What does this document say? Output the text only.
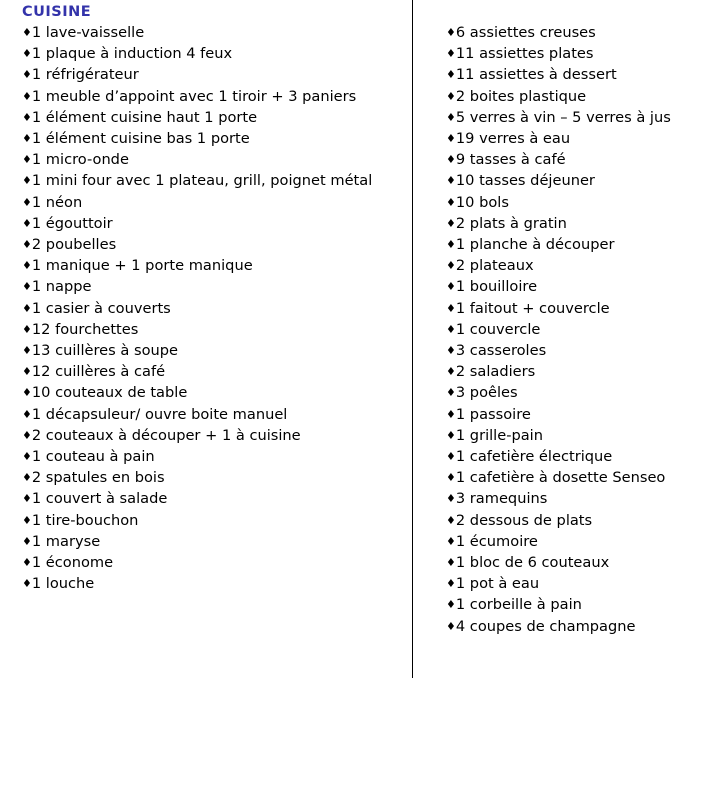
CUISINE
♦1 lave-vaisselle
♦1 plaque à induction 4 feux
♦1 réfrigérateur
♦1 meuble d’appoint avec 1 tiroir + 3 paniers
♦1 élément cuisine haut 1 porte
♦1 élément cuisine bas 1 porte
♦1 micro-onde
♦1 mini four avec 1 plateau, grill, poignet métal
♦1 néon
♦1 égouttoir
♦2 poubelles
♦1 manique + 1 porte manique
♦1 nappe
♦1 casier à couverts
♦12 fourchettes
♦13 cuillères à soupe
♦12 cuillères à café
♦10 couteaux de table
♦1 décapsuleur/ ouvre boite manuel
♦2 couteaux à découper + 1 à cuisine
♦1 couteau à pain
♦2 spatules en bois
♦1 couvert à salade
♦1 tire-bouchon
♦1 maryse
♦1 économe
♦1 louche
♦6 assiettes creuses
♦11 assiettes plates
♦11 assiettes à dessert
♦2 boites plastique
♦5 verres à vin – 5 verres à jus
♦19 verres à eau
♦9 tasses à café
♦10 tasses déjeuner
♦10 bols
♦2 plats à gratin
♦1 planche à découper
♦2 plateaux
♦1 bouilloire
♦1 faitout + couvercle
♦1 couvercle
♦3 casseroles
♦2 saladiers
♦3 poêles
♦1 passoire
♦1 grille-pain
♦1 cafetière électrique
♦1 cafetière à dosette Senseo
♦3 ramequins
♦2 dessous de plats
♦1 écumoire
♦1 bloc de 6 couteaux
♦1 pot à eau
♦1 corbeille à pain
♦4 coupes de champagne
